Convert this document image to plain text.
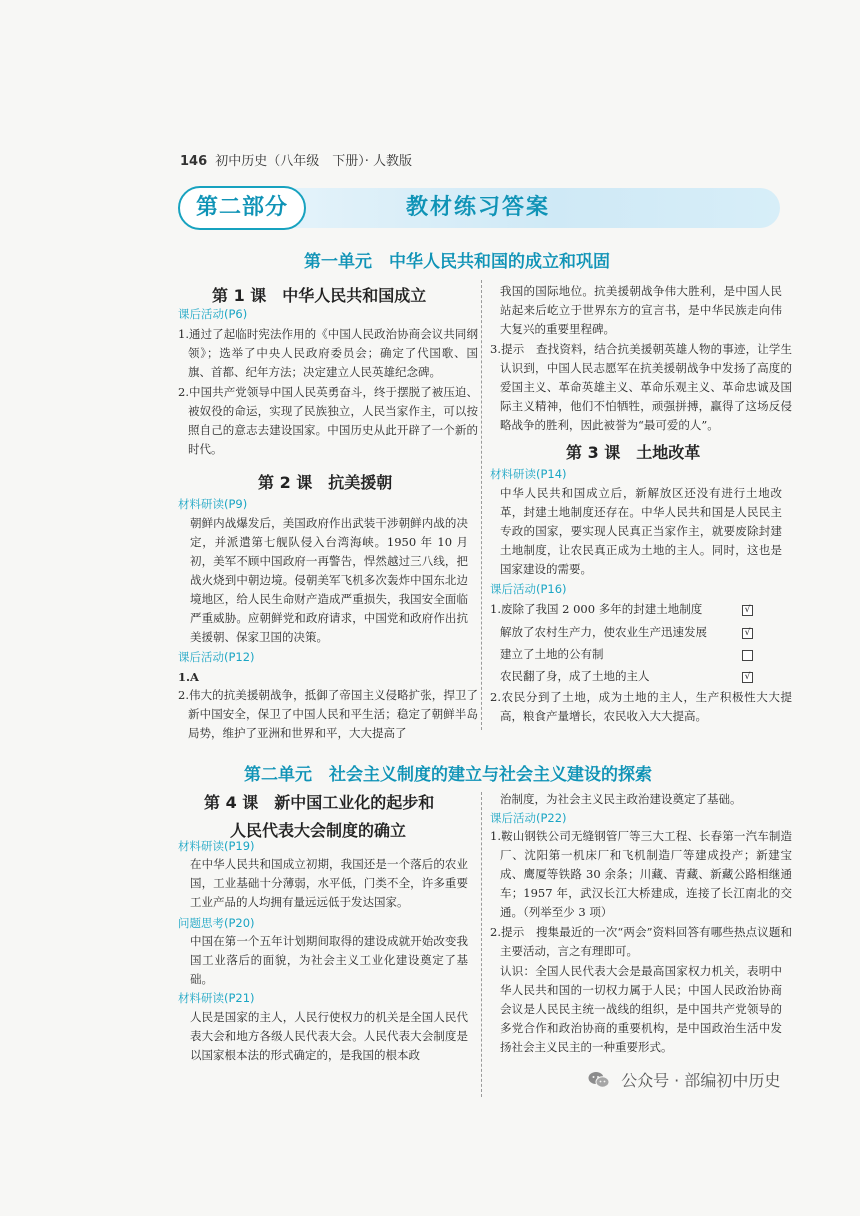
146 初中历史（八年级　下册）· 人教版
第二部分	教材练习答案
第一单元　中华人民共和国的成立和巩固
第 1 课　中华人民共和国成立
课后活动(P6)
1.通过了起临时宪法作用的《中国人民政治协商会议共同纲领》；选举了中央人民政府委员会；确定了代国歌、国旗、首都、纪年方法；决定建立人民英雄纪念碑。
2.中国共产党领导中国人民英勇奋斗，终于摆脱了被压迫、被奴役的命运，实现了民族独立，人民当家作主，可以按照自己的意志去建设国家。中国历史从此开辟了一个新的时代。
第 2 课　抗美援朝
材料研读(P9)
朝鲜内战爆发后，美国政府作出武装干涉朝鲜内战的决定，并派遣第七舰队侵入台湾海峡。1950 年 10 月初，美军不顾中国政府一再警告，悍然越过三八线，把战火烧到中朝边境。侵朝美军飞机多次轰炸中国东北边境地区，给人民生命财产造成严重损失，我国安全面临严重威胁。应朝鲜党和政府请求，中国党和政府作出抗美援朝、保家卫国的决策。
课后活动(P12)
1.A
2.伟大的抗美援朝战争，抵御了帝国主义侵略扩张，捍卫了新中国安全，保卫了中国人民和平生活；稳定了朝鲜半岛局势，维护了亚洲和世界和平，大大提高了
我国的国际地位。抗美援朝战争伟大胜利，是中国人民站起来后屹立于世界东方的宣言书，是中华民族走向伟大复兴的重要里程碑。
3.提示　查找资料，结合抗美援朝英雄人物的事迹，让学生认识到，中国人民志愿军在抗美援朝战争中发扬了高度的爱国主义、革命英雄主义、革命乐观主义、革命忠诚及国际主义精神，他们不怕牺牲，顽强拼搏，赢得了这场反侵略战争的胜利，因此被誉为“最可爱的人”。
第 3 课　土地改革
材料研读(P14)
中华人民共和国成立后，新解放区还没有进行土地改革，封建土地制度还存在。中华人民共和国是人民民主专政的国家，要实现人民真正当家作主，就要废除封建土地制度，让农民真正成为土地的主人。同时，这也是国家建设的需要。
课后活动(P16)
1.废除了我国 2 000 多年的封建土地制度	√
解放了农村生产力，使农业生产迅速发展	√
建立了土地的公有制
农民翻了身，成了土地的主人	√
2.农民分到了土地，成为土地的主人，生产积极性大大提高，粮食产量增长，农民收入大大提高。
第二单元　社会主义制度的建立与社会主义建设的探索
第 4 课　新中国工业化的起步和
人民代表大会制度的确立
材料研读(P19)
在中华人民共和国成立初期，我国还是一个落后的农业国，工业基础十分薄弱，水平低，门类不全，许多重要工业产品的人均拥有量远远低于发达国家。
问题思考(P20)
中国在第一个五年计划期间取得的建设成就开始改变我国工业落后的面貌，为社会主义工业化建设奠定了基础。
材料研读(P21)
人民是国家的主人，人民行使权力的机关是全国人民代表大会和地方各级人民代表大会。人民代表大会制度是以国家根本法的形式确定的，是我国的根本政
治制度，为社会主义民主政治建设奠定了基础。
课后活动(P22)
1.鞍山钢铁公司无缝钢管厂等三大工程、长春第一汽车制造厂、沈阳第一机床厂和飞机制造厂等建成投产；新建宝成、鹰厦等铁路 30 余条；川藏、青藏、新藏公路相继通车；1957 年，武汉长江大桥建成，连接了长江南北的交通。（列举至少 3 项）
2.提示　搜集最近的一次“两会”资料回答有哪些热点议题和主要活动，言之有理即可。
认识：全国人民代表大会是最高国家权力机关，表明中华人民共和国的一切权力属于人民；中国人民政治协商会议是人民民主统一战线的组织，是中国共产党领导的多党合作和政治协商的重要机构，是中国政治生活中发扬社会主义民主的一种重要形式。
公众号 · 部编初中历史
